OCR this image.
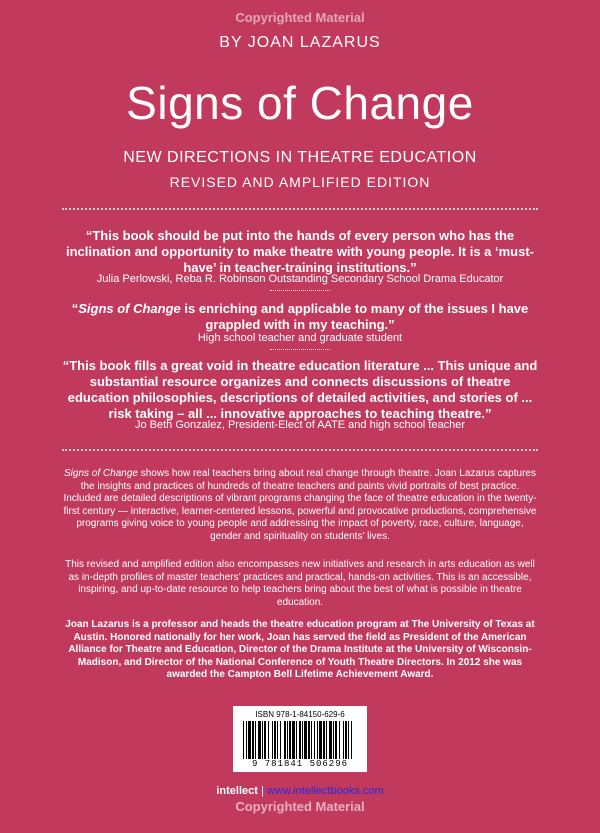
Copyrighted Material
BY JOAN LAZARUS
Signs of Change
NEW DIRECTIONS IN THEATRE EDUCATION
REVISED AND AMPLIFIED EDITION
“This book should be put into the hands of every person who has the inclination and opportunity to make theatre with young people. It is a ‘must-have’ in teacher-training institutions.”
Julia Perlowski, Reba R. Robinson Outstanding Secondary School Drama Educator
“Signs of Change is enriching and applicable to many of the issues I have grappled with in my teaching.”
High school teacher and graduate student
“This book fills a great void in theatre education literature ... This unique and substantial resource organizes and connects discussions of theatre education philosophies, descriptions of detailed activities, and stories of ... risk taking – all ... innovative approaches to teaching theatre.”
Jo Beth Gonzalez, President-Elect of AATE and high school teacher
Signs of Change shows how real teachers bring about real change through theatre. Joan Lazarus captures the insights and practices of hundreds of theatre teachers and paints vivid portraits of best practice. Included are detailed descriptions of vibrant programs changing the face of theatre education in the twenty-first century — interactive, learner-centered lessons, powerful and provocative productions, comprehensive programs giving voice to young people and addressing the impact of poverty, race, culture, language, gender and spirituality on students’ lives.
This revised and amplified edition also encompasses new initiatives and research in arts education as well as in-depth profiles of master teachers’ practices and practical, hands-on activities. This is an accessible, inspiring, and up-to-date resource to help teachers bring about the best of what is possible in theatre education.
Joan Lazarus is a professor and heads the theatre education program at The University of Texas at Austin. Honored nationally for her work, Joan has served the field as President of the American Alliance for Theatre and Education, Director of the Drama Institute at the University of Wisconsin-Madison, and Director of the National Conference of Youth Theatre Directors. In 2012 she was awarded the Campton Bell Lifetime Achievement Award.
ISBN 978-1-84150-629-6
9 781841 506296
intellect | www.intellectbooks.com
Copyrighted Material
